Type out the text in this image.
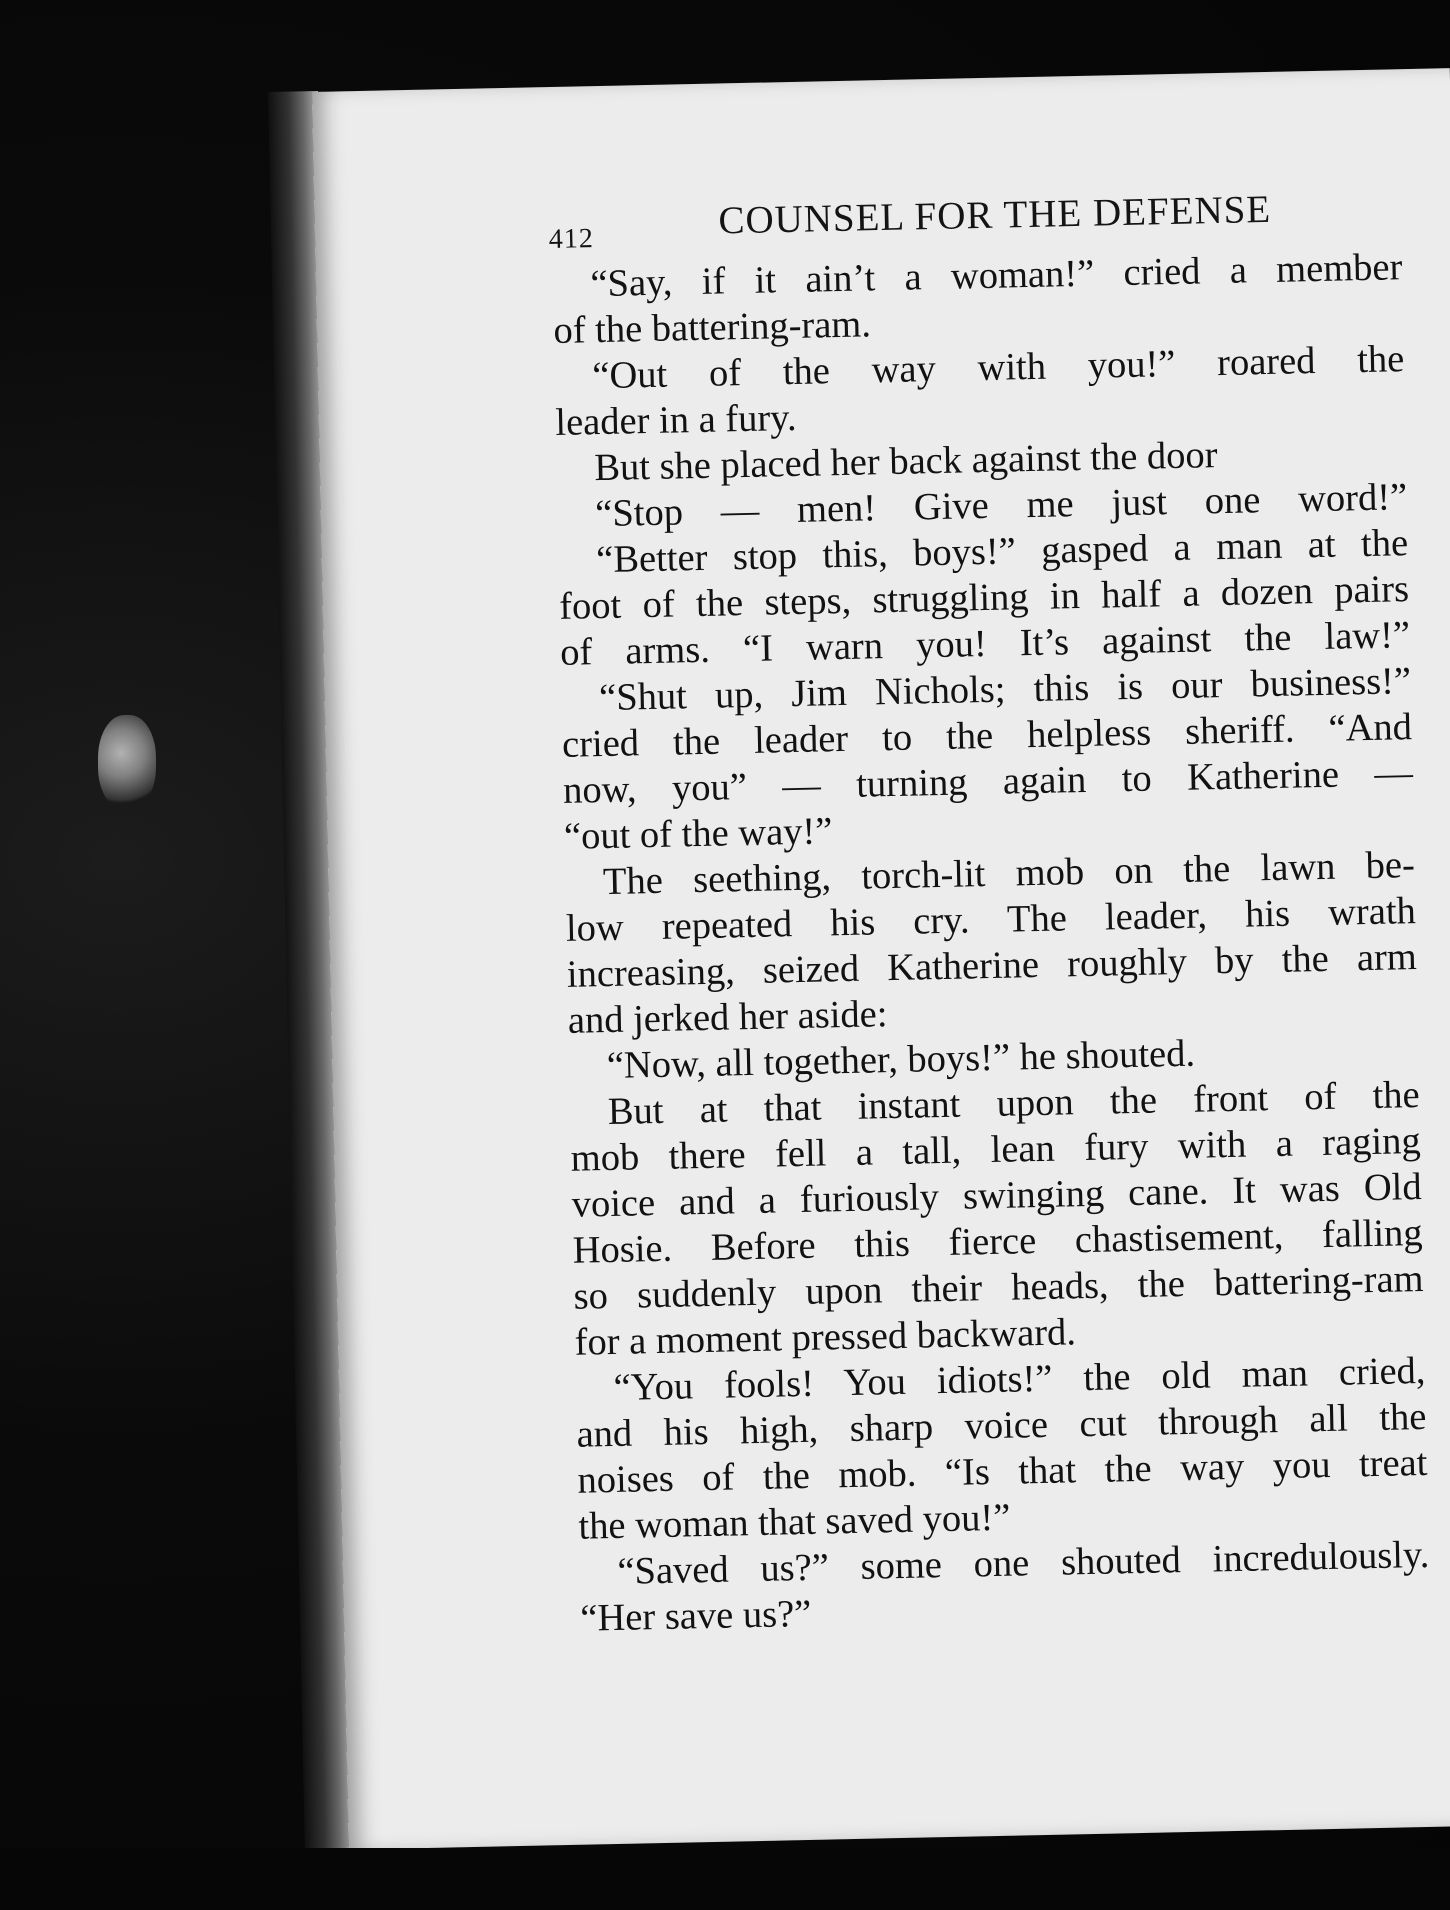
412	COUNSEL FOR THE DEFENSE
“Say, if it ain’t a woman!” cried a member
of the battering-ram.
“Out of the way with you!” roared the
leader in a fury.
But she placed her back against the door
“Stop — men! Give me just one word!”
“Better stop this, boys!” gasped a man at the
foot of the steps, struggling in half a dozen pairs
of arms. “I warn you! It’s against the law!”
“Shut up, Jim Nichols; this is our business!”
cried the leader to the helpless sheriff. “And
now, you” — turning again to Katherine —
“out of the way!”
The seething, torch-lit mob on the lawn be-
low repeated his cry. The leader, his wrath
increasing, seized Katherine roughly by the arm
and jerked her aside:
“Now, all together, boys!” he shouted.
But at that instant upon the front of the
mob there fell a tall, lean fury with a raging
voice and a furiously swinging cane. It was Old
Hosie. Before this fierce chastisement, falling
so suddenly upon their heads, the battering-ram
for a moment pressed backward.
“You fools! You idiots!” the old man cried,
and his high, sharp voice cut through all the
noises of the mob. “Is that the way you treat
the woman that saved you!”
“Saved us?” some one shouted incredulously.
“Her save us?”
